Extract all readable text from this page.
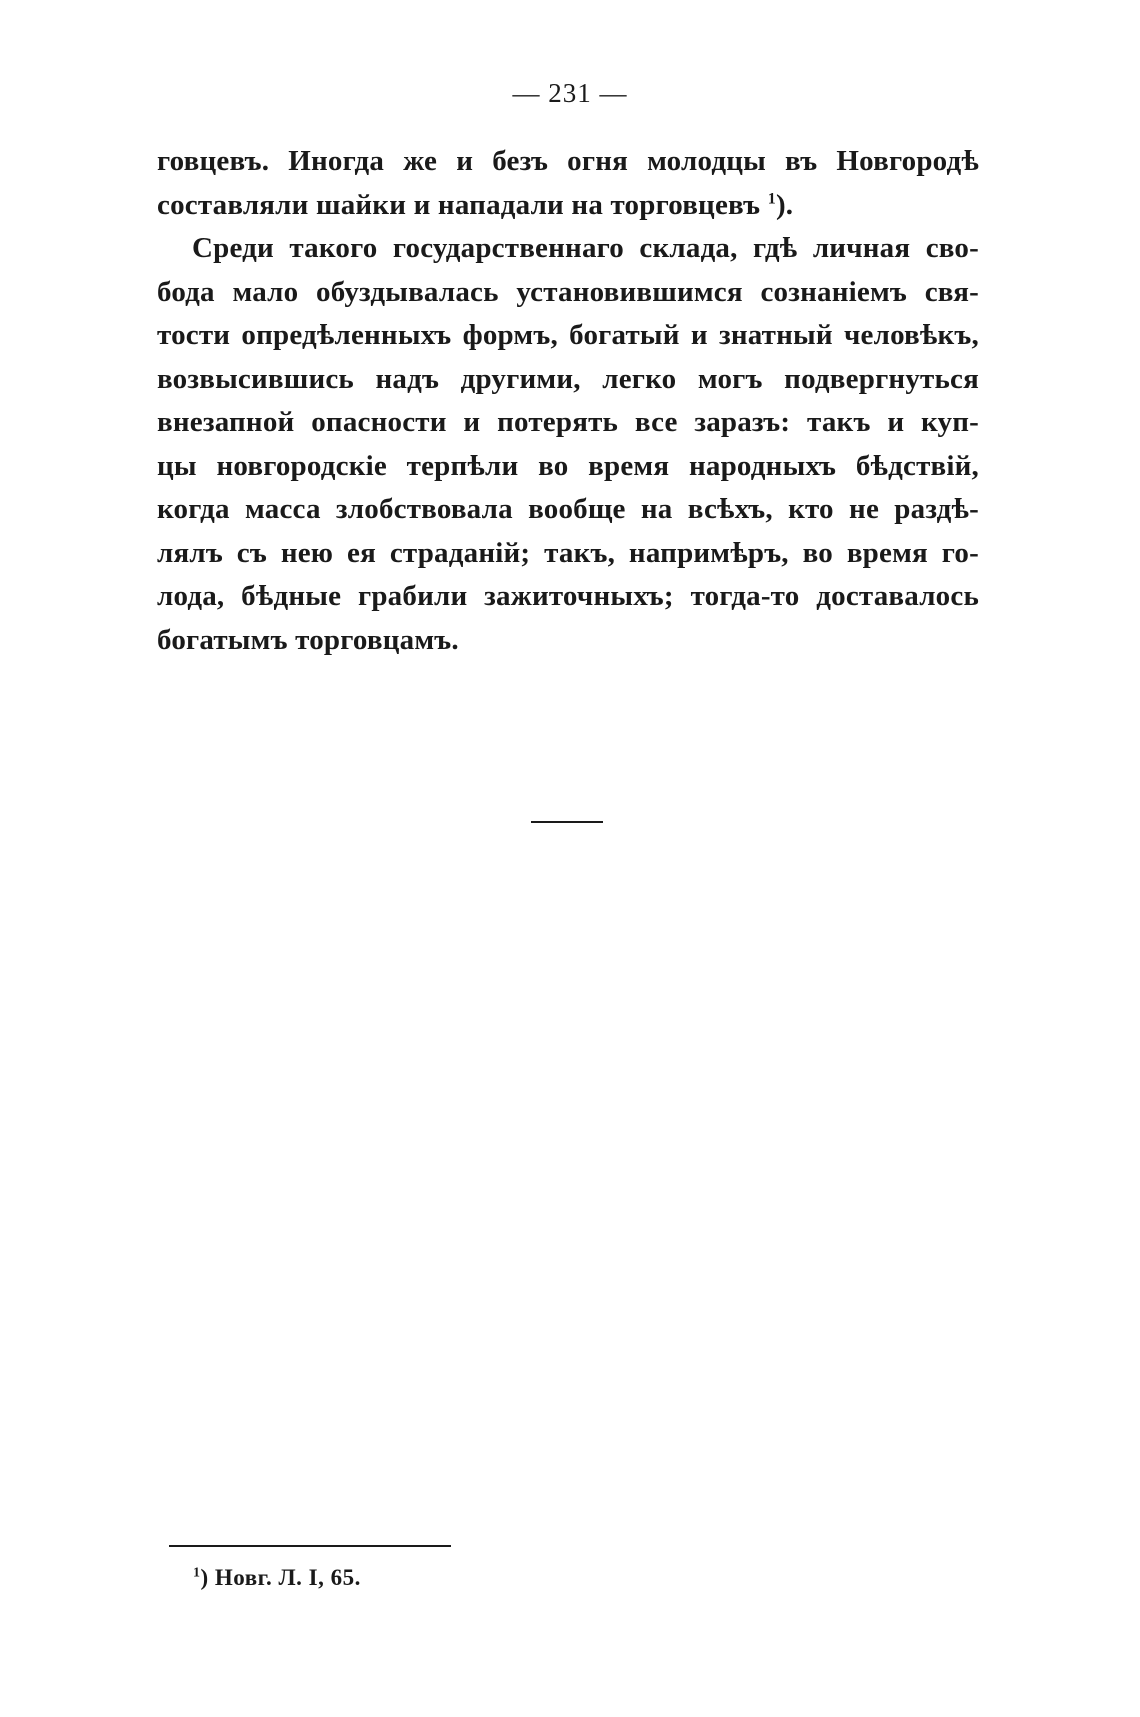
— 231 —
говцевъ. Иногда же и безъ огня молодцы въ Новгородѣ
составляли шайки и нападали на торговцевъ $^1$).
Среди такого государственнаго склада, гдѣ личная сво-
бода мало обуздывалась установившимся сознаніемъ свя-
тости опредѣленныхъ формъ, богатый и знатный человѣкъ,
возвысившись надъ другими, легко могъ подвергнуться
внезапной опасности и потерять все заразъ: такъ и куп-
цы новгородскіе терпѣли во время народныхъ бѣдствій,
когда масса злобствовала вообще на всѣхъ, кто не раздѣ-
лялъ съ нею ея страданій; такъ, напримѣръ, во время го-
лода, бѣдные грабили зажиточныхъ; тогда-то доставалось
богатымъ торговцамъ.
$^1$) Новг. Л. I, 65.
